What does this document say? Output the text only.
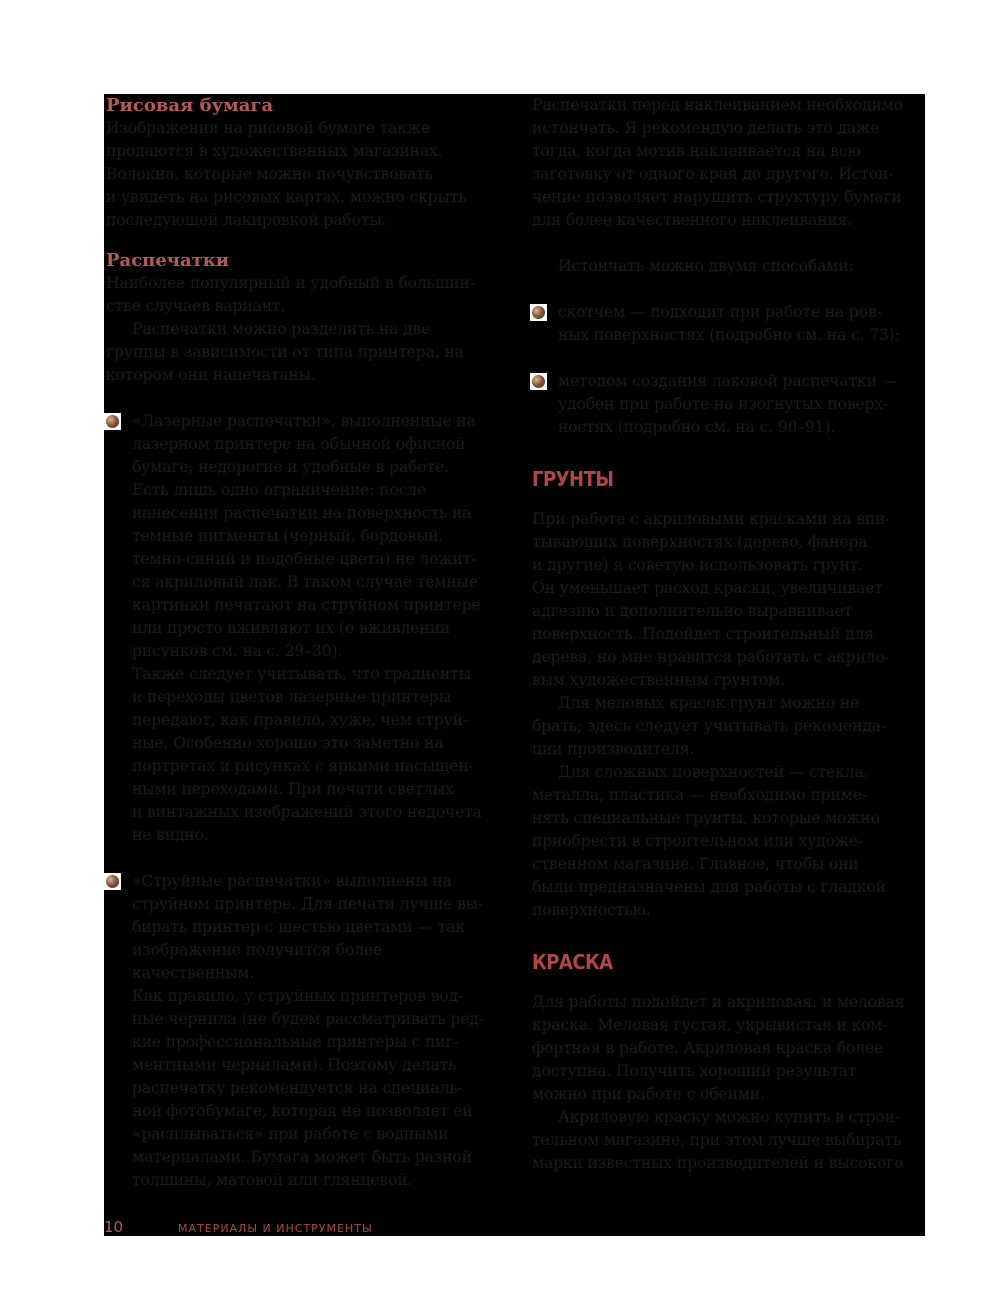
Рисовая бумага

Изображения на рисовой бумаге также
продаются в художественных магазинах.
Волокна, которые можно почувствовать
и увидеть на рисовых картах, можно скрыть
последующей лакировкой работы.

Распечатки

Наиболее популярный и удобный в большин-
стве случаев вариант.

Распечатки можно разделить на две
группы в зависимости от типа принтера, на
котором они напечатаны.

«Лазерные распечатки», выполненные на
лазерном принтере на обычной офисной
бумаге, недорогие и удобные в работе.
Есть лишь одно ограничение: после
нанесения распечатки на поверхность на
темные пигменты (черный, бордовый,
темно-синий и подобные цвета) не ложит-
ся акриловый лак. В таком случае темные
картинки печатают на струйном принтере
или просто вживляют их (о вживлении
рисунков см. на с. 29–30).
Также следует учитывать, что градиенты
и переходы цветов лазерные принтеры
передают, как правило, хуже, чем струй-
ные. Особенно хорошо это заметно на
портретах и рисунках с яркими насыщен-
ными переходами. При печати светлых
и винтажных изображений этого недочета
не видно.
«Струйные распечатки» выполнены на
струйном принтере. Для печати лучше вы-
бирать принтер с шестью цветами — так
изображение получится более качественным.
Как правило, у струйных принтеров вод-
ные чернила (не будем рассматривать ред-
кие профессиональные принтеры с пиг-
ментными чернилами). Поэтому делать
распечатку рекомендуется на специаль-
ной фотобумаге, которая не позволяет ей
«расплываться» при работе с водными
материалами. Бумага может быть разной
толщины, матовой или глянцевой.

Распечатки перед наклеиванием необходимо
истончать. Я рекомендую делать это даже
тогда, когда мотив наклеивается на всю
заготовку от одного края до другого. Истон-
чение позволяет нарушить структуру бумаги
для более качественного наклеивания.

Истончать можно двумя способами:

скотчем — подходит при работе на ров-
ных поверхностях (подробно см. на с. 73);
методом создания лаковой распечатки —
удобен при работе на изогнутых поверх-
ностях (подробно см. на с. 90–91).
ГРУНТЫ

При работе с акриловыми красками на впи-
тывающих поверхностях (дерево, фанера
и другие) я советую использовать грунт.
Он уменьшает расход краски, увеличивает
адгезию и дополнительно выравнивает
поверхность. Подойдет строительный для
дерева, но мне нравится работать с акрило-
вым художественным грунтом.

Для меловых красок грунт можно не
брать; здесь следует учитывать рекоменда-
ции производителя.

Для сложных поверхностей — стекла,
металла, пластика — необходимо приме-
нять специальные грунты, которые можно
приобрести в строительном или художе-
ственном магазине. Главное, чтобы они
были предназначены для работы с гладкой
поверхностью.

КРАСКА

Для работы подойдет и акриловая, и меловая
краска. Меловая густая, укрывистая и ком-
фортная в работе. Акриловая краска более
доступна. Получить хороший результат
можно при работе с обеими.

Акриловую краску можно купить в строи-
тельном магазине, при этом лучше выбирать
марки известных производителей и высокого

10	МАТЕРИАЛЫ И ИНСТРУМЕНТЫ
